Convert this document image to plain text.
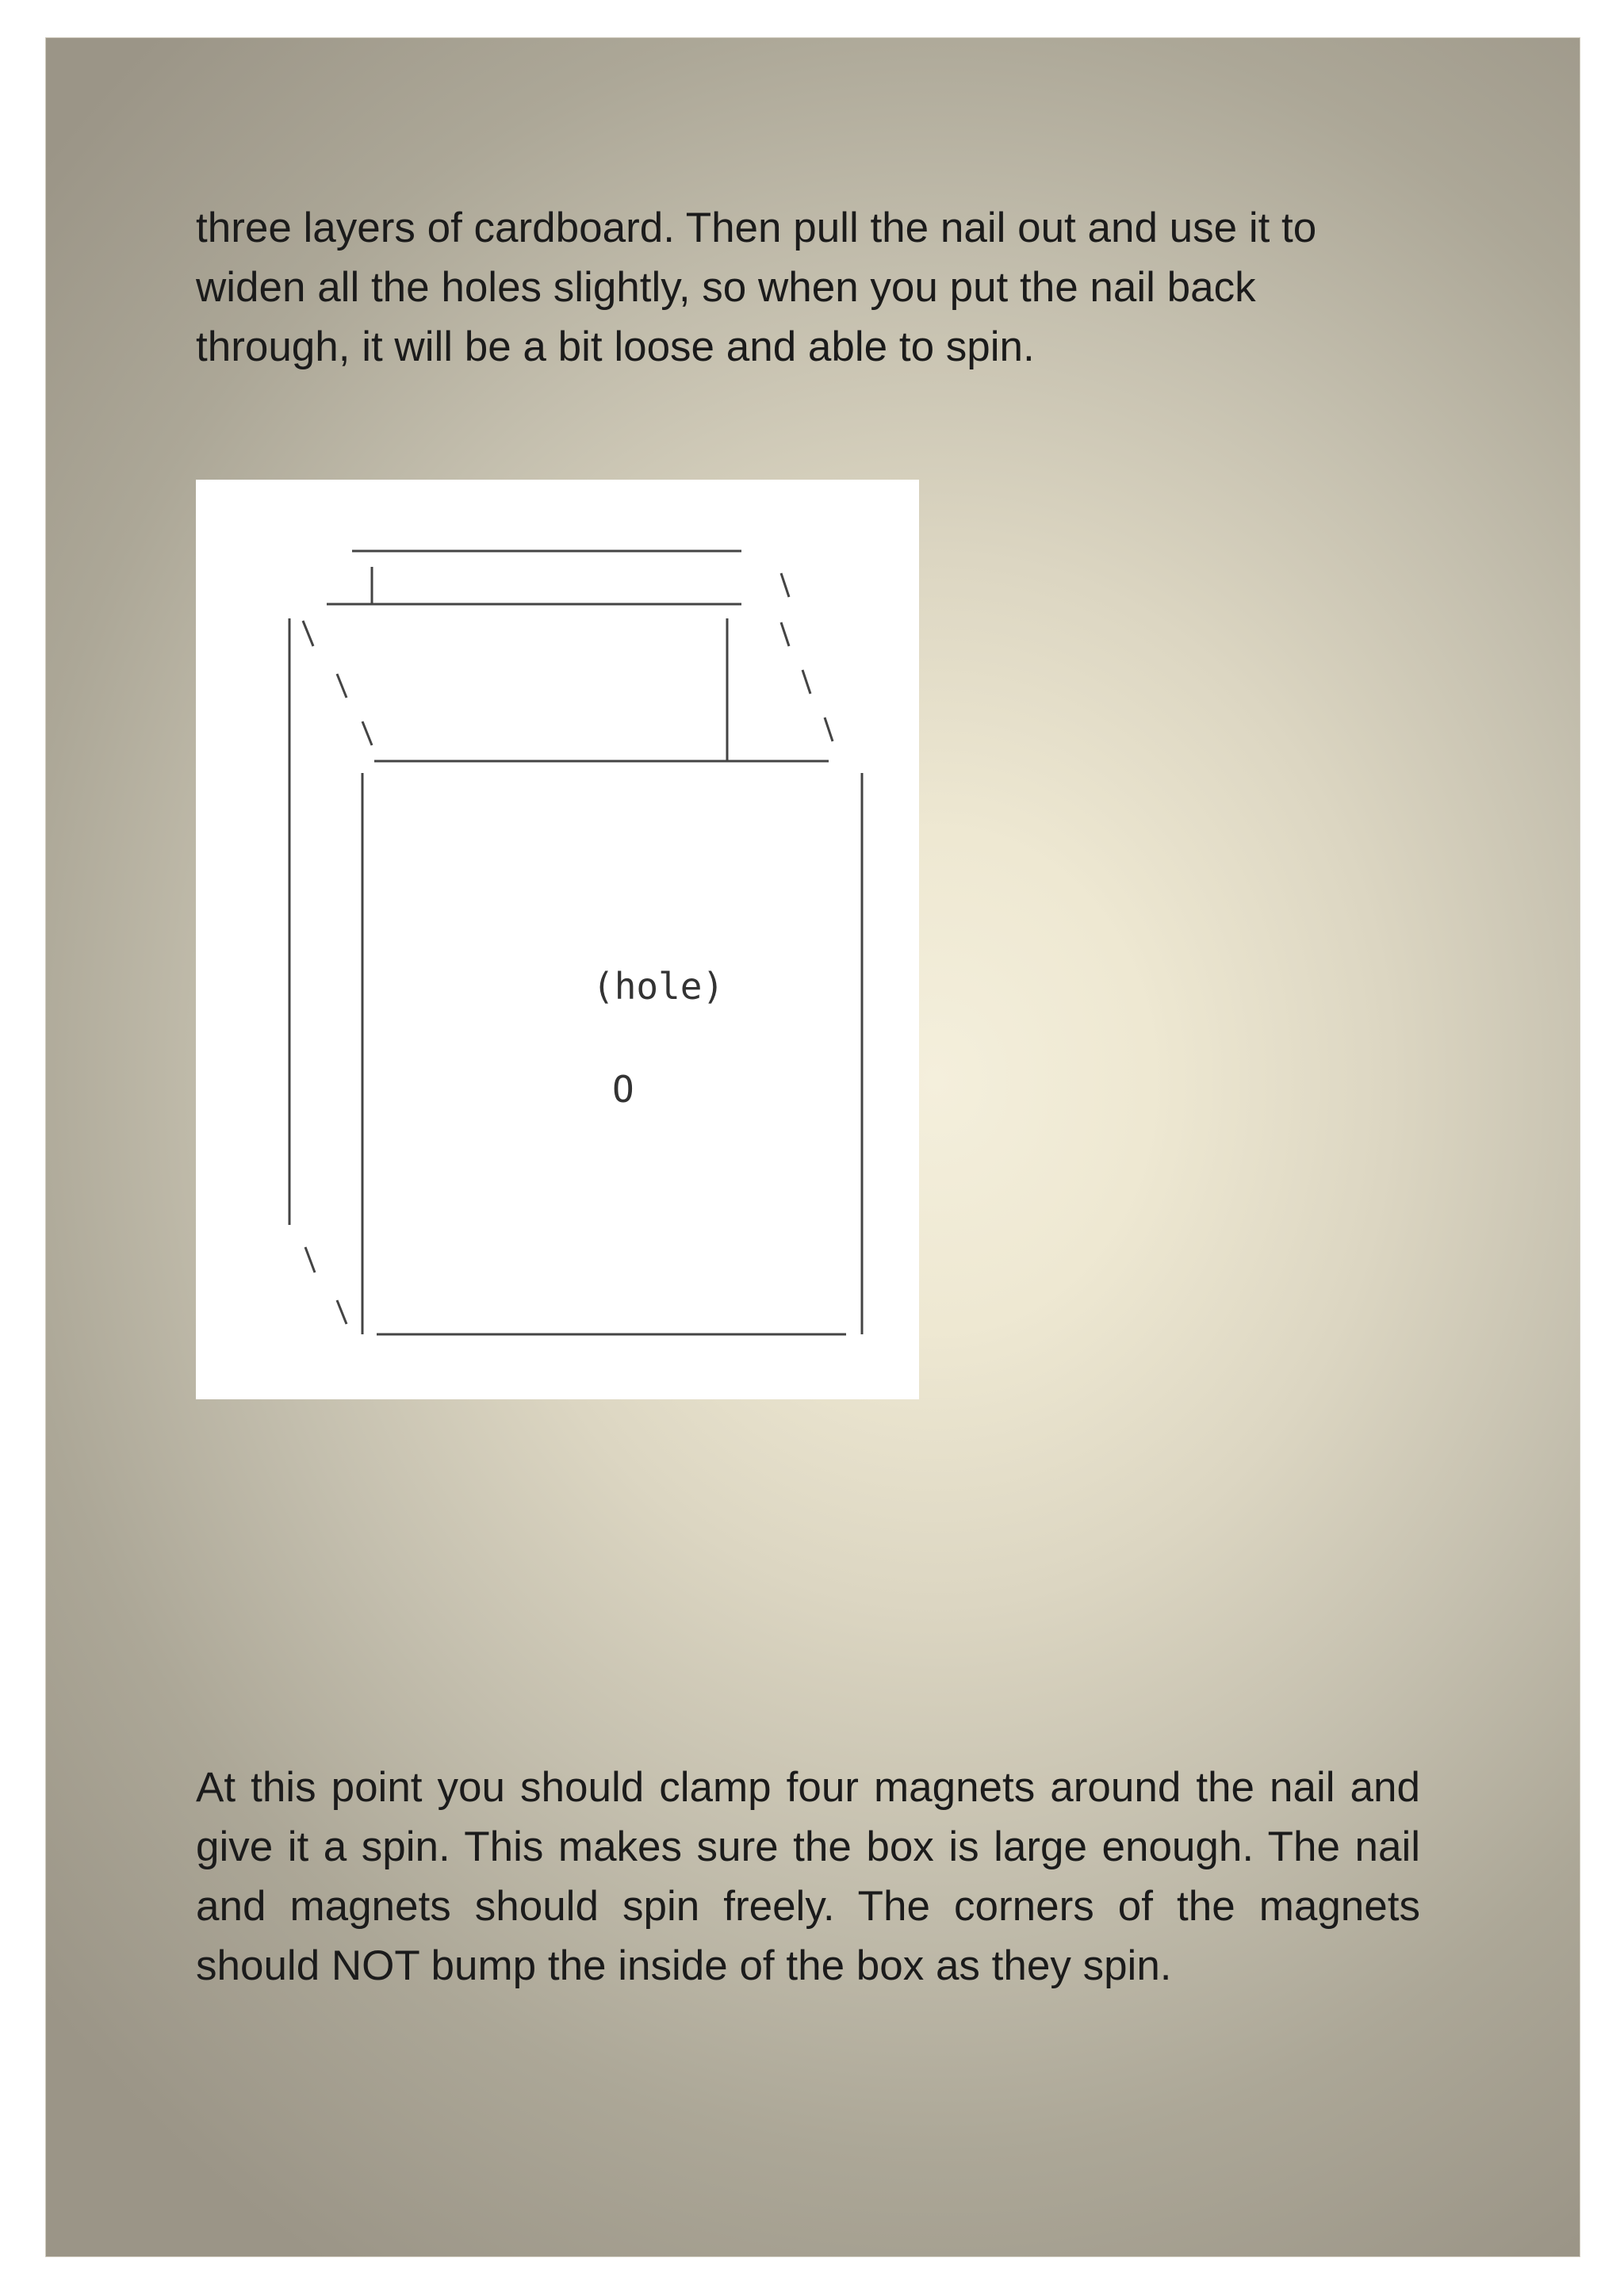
three layers of cardboard. Then pull the nail out and use it to widen all the holes slightly, so when you put the nail back through, it will be a bit loose and able to spin.

(hole)
O

At this point you should clamp four magnets around the nail and give it a spin. This makes sure the box is large enough. The nail and magnets should spin freely. The corners of the magnets should NOT bump the inside of the box as they spin.
